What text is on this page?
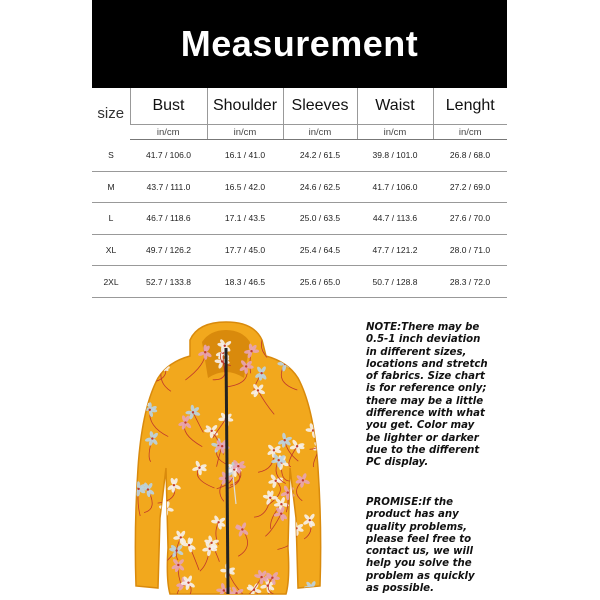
Measurement
size	Bust	Shoulder	Sleeves	Waist	Lenght
	in/cm	in/cm	in/cm	in/cm	in/cm
S	41.7 / 106.0	16.1 / 41.0	24.2 / 61.5	39.8 / 101.0	26.8 / 68.0
M	43.7 / 111.0	16.5 / 42.0	24.6 / 62.5	41.7 / 106.0	27.2 / 69.0
L	46.7 / 118.6	17.1 / 43.5	25.0 / 63.5	44.7 / 113.6	27.6 / 70.0
XL	49.7 / 126.2	17.7 / 45.0	25.4 / 64.5	47.7 / 121.2	28.0 / 71.0
2XL	52.7 / 133.8	18.3 / 46.5	25.6 / 65.0	50.7 / 128.8	28.3 / 72.0

NOTE:There may be 0.5-1 inch deviation in different sizes, locations and stretch of fabrics. Size chart is for reference only; there may be a little difference with what you get. Color may be lighter or darker due to the different PC display.

PROMISE:If the product has any quality problems, please feel free to contact us, we will help you solve the problem as quickly as possible.
